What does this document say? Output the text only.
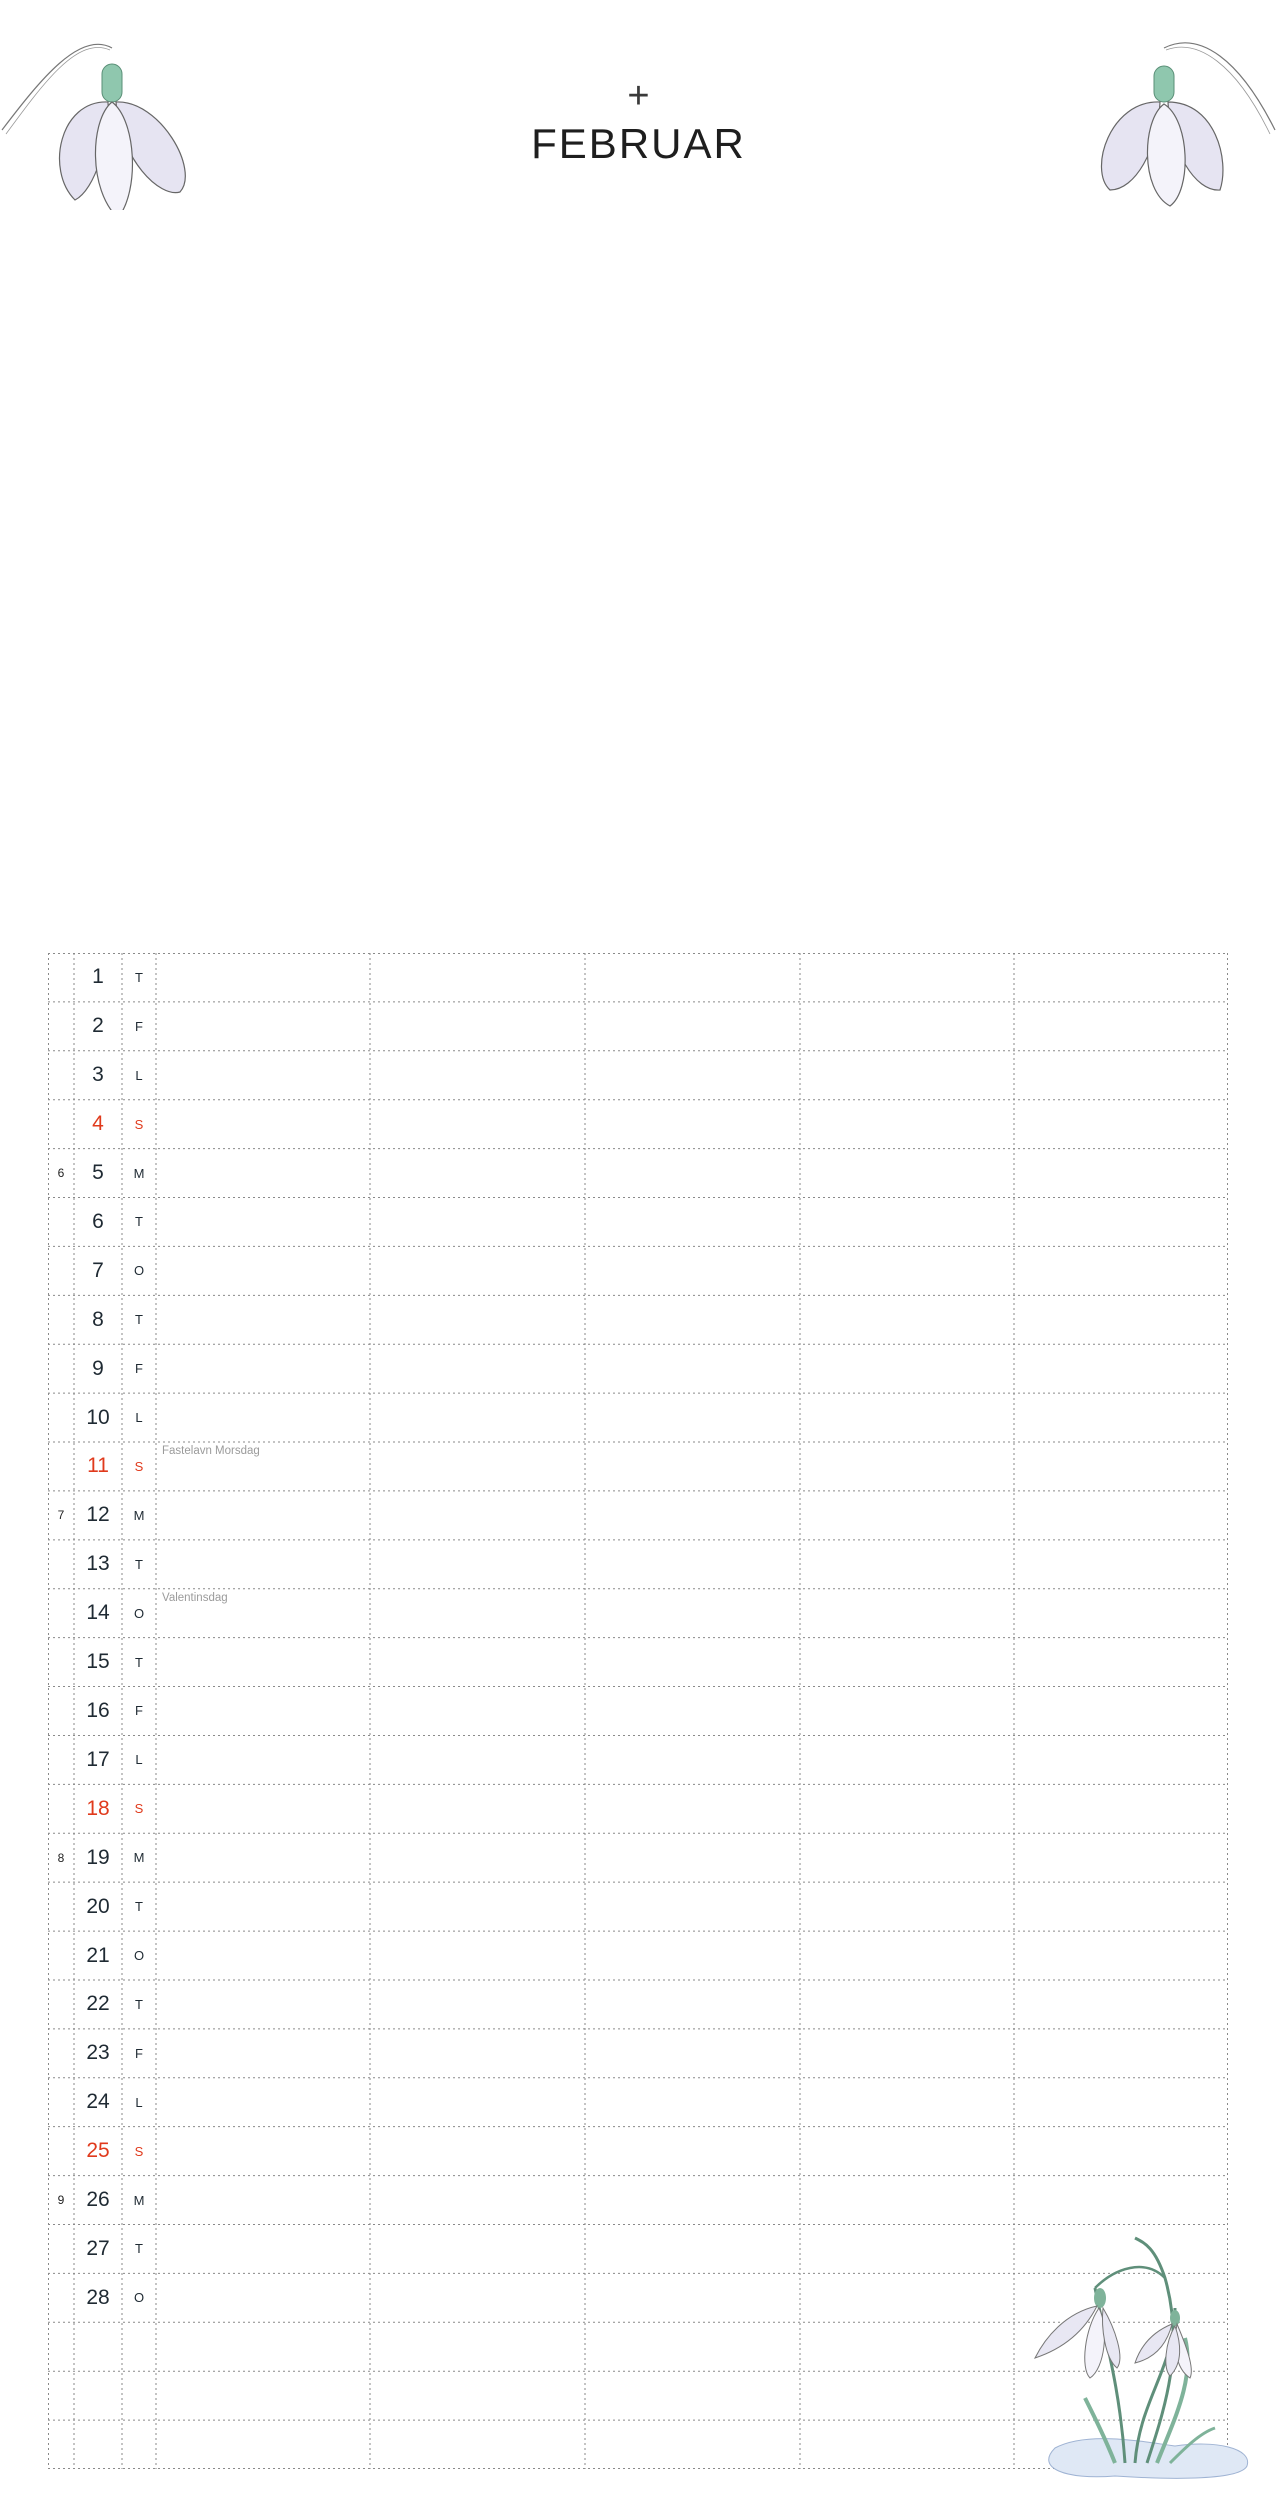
+
FEBRUAR
1	T
2	F
3	L
4	S
6	5	M
6	T
7	O
8	T
9	F
10	L
11	S
Fastelavn Morsdag
7	12	M
13	T
14	O
Valentinsdag
15	T
16	F
17	L
18	S
8	19	M
20	T
21	O
22	T
23	F
24	L
25	S
9	26	M
27	T
28	O
